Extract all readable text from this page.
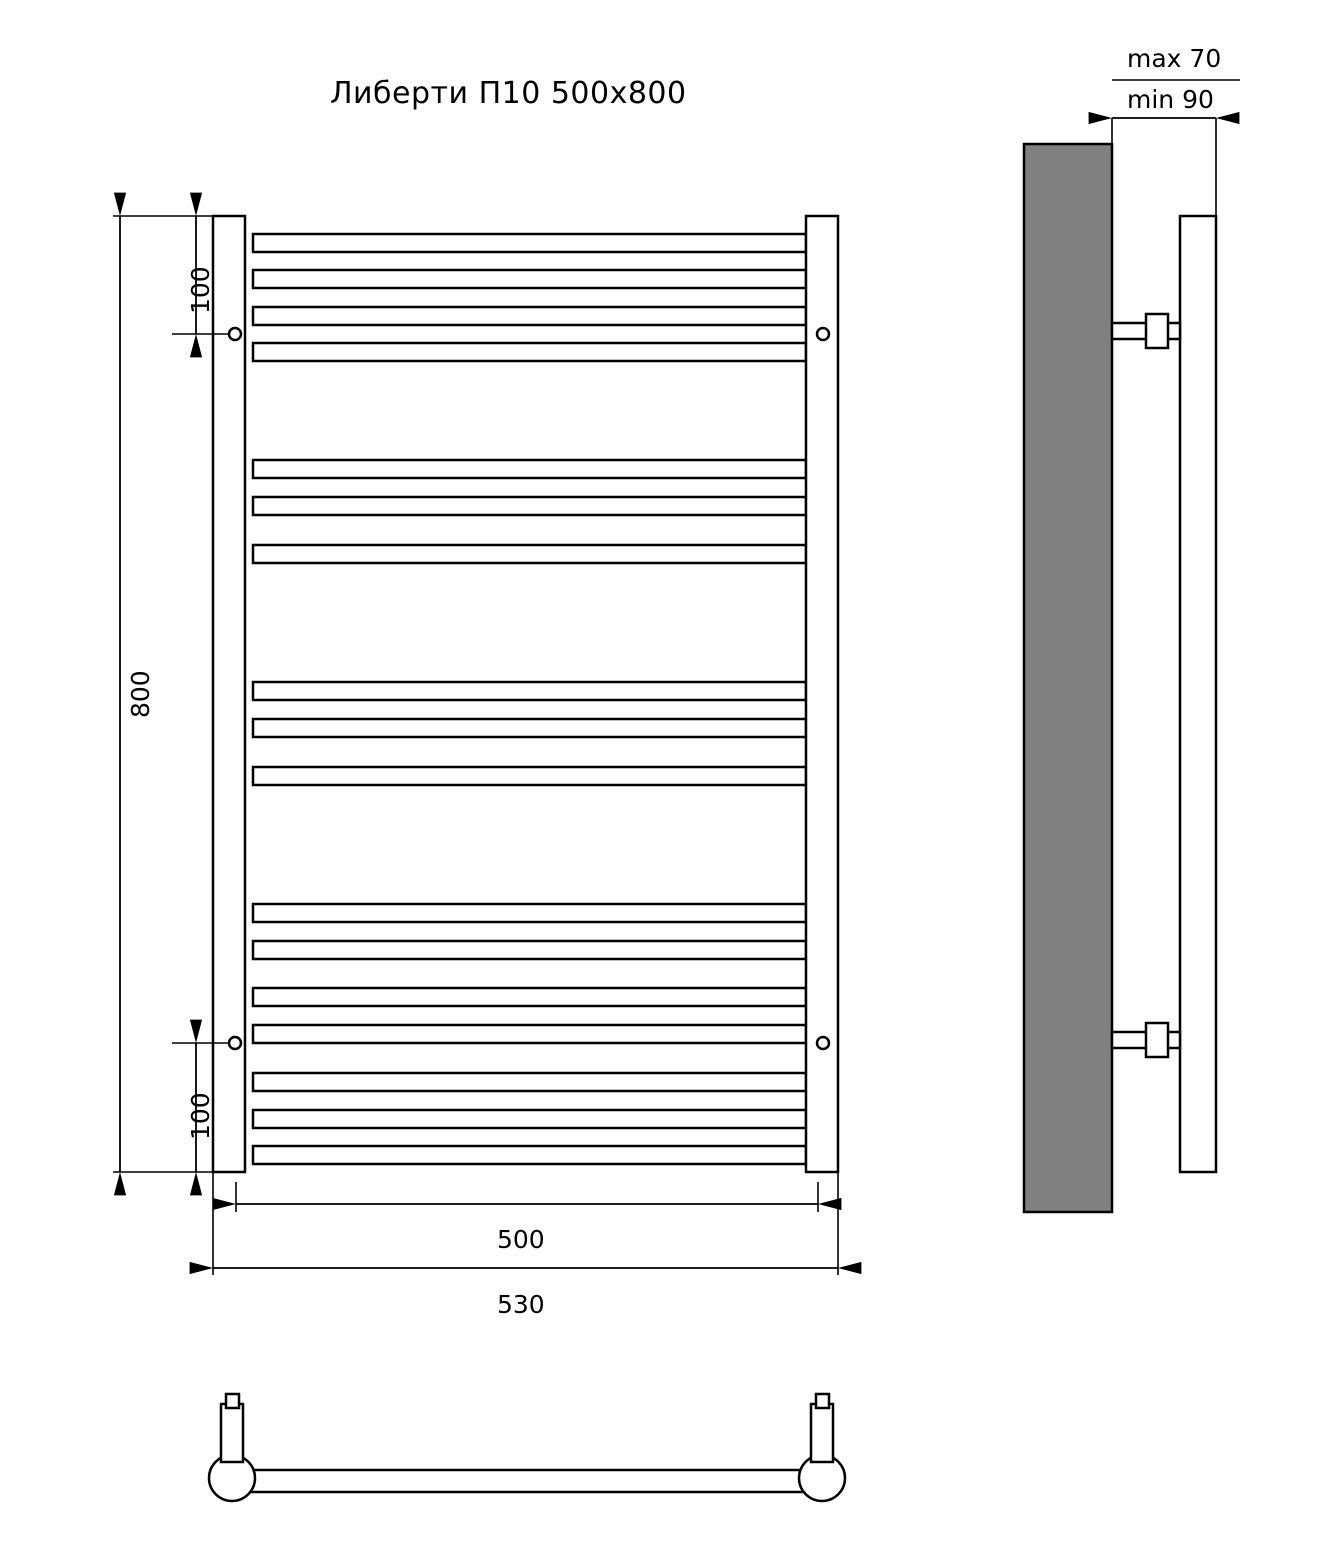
Либерти П10 500x800
100
800
100
500
530
max 70
min 90
